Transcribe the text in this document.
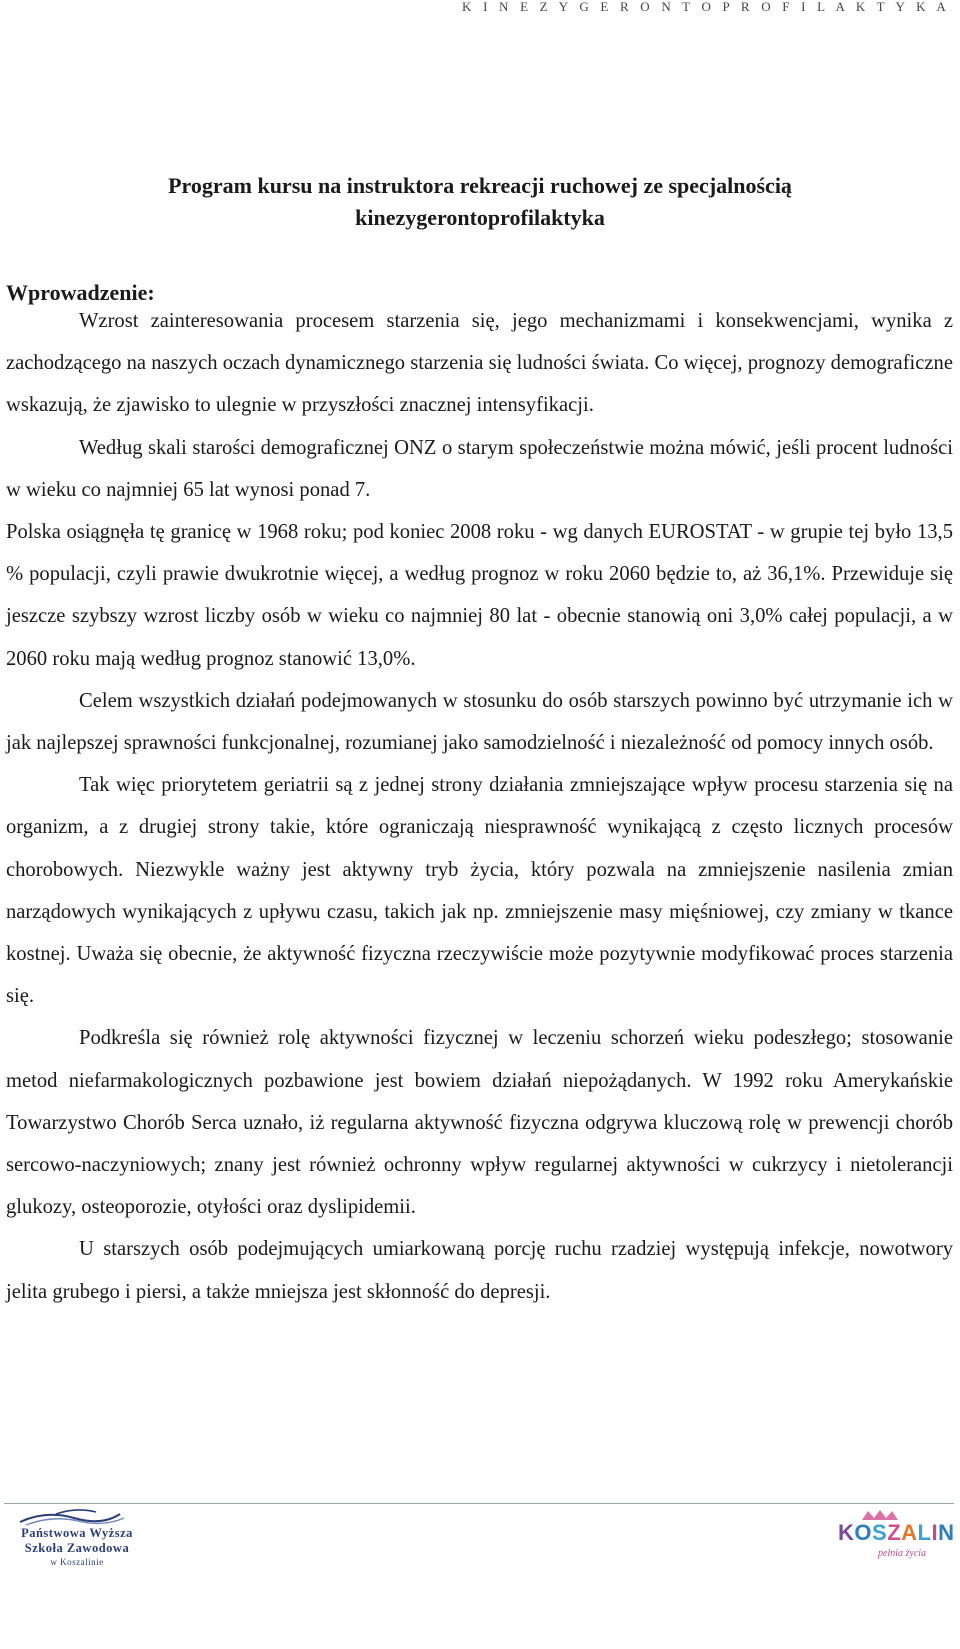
K I N E Z Y G E R O N T O P R O F I L A K T Y K A
Program kursu na instruktora rekreacji ruchowej ze specjalnością
kinezygerontoprofilaktyka
Wprowadzenie:

Wzrost zainteresowania procesem starzenia się, jego mechanizmami i konsekwencjami, wynika z zachodzącego na naszych oczach dynamicznego starzenia się ludności świata. Co więcej, prognozy demograficzne wskazują, że zjawisko to ulegnie w przyszłości znacznej intensyfikacji.

Według skali starości demograficznej ONZ o starym społeczeństwie można mówić, jeśli procent ludności w wieku co najmniej 65 lat wynosi ponad 7.

Polska osiągnęła tę granicę w 1968 roku; pod koniec 2008 roku - wg danych EUROSTAT - w grupie tej było 13,5 % populacji, czyli prawie dwukrotnie więcej, a według prognoz w roku 2060 będzie to, aż 36,1%. Przewiduje się jeszcze szybszy wzrost liczby osób w wieku co najmniej 80 lat - obecnie stanowią oni 3,0% całej populacji, a w 2060 roku mają według prognoz stanowić 13,0%.

Celem wszystkich działań podejmowanych w stosunku do osób starszych powinno być utrzymanie ich w jak najlepszej sprawności funkcjonalnej, rozumianej jako samodzielność i niezależność od pomocy innych osób.

Tak więc priorytetem geriatrii są z jednej strony działania zmniejszające wpływ procesu starzenia się na organizm, a z drugiej strony takie, które ograniczają niesprawność wynikającą z często licznych procesów chorobowych. Niezwykle ważny jest aktywny tryb życia, który pozwala na zmniejszenie nasilenia zmian narządowych wynikających z upływu czasu, takich jak np. zmniejszenie masy mięśniowej, czy zmiany w tkance kostnej. Uważa się obecnie, że aktywność fizyczna rzeczywiście może pozytywnie modyfikować proces starzenia się.

Podkreśla się również rolę aktywności fizycznej w leczeniu schorzeń wieku podeszłego; stosowanie metod niefarmakologicznych pozbawione jest bowiem działań niepożądanych. W 1992 roku Amerykańskie Towarzystwo Chorób Serca uznało, iż regularna aktywność fizyczna odgrywa kluczową rolę w prewencji chorób sercowo-naczyniowych; znany jest również ochronny wpływ regularnej aktywności w cukrzycy i nietolerancji glukozy, osteoporozie, otyłości oraz dyslipidemii.

U starszych osób podejmujących umiarkowaną porcję ruchu rzadziej występują infekcje, nowotwory jelita grubego i piersi, a także mniejsza jest skłonność do depresji.

Państwowa Wyższa
Szkoła Zawodowa
w Koszalinie
KOSZALIN
pełnia życia
